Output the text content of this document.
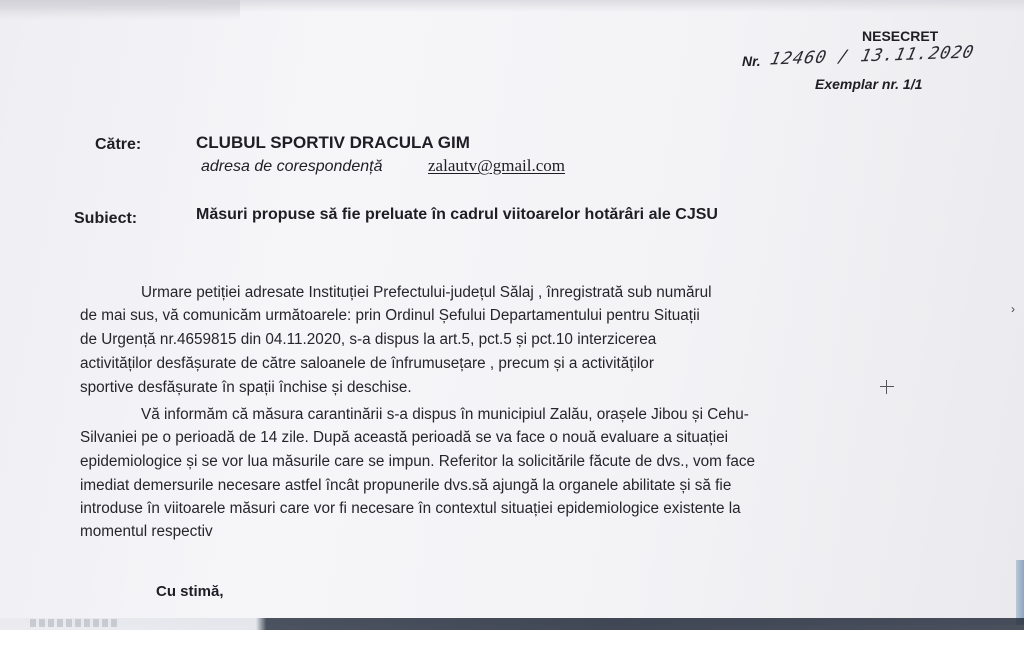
NESECRET
Nr. 12460 / 13.11.2020
Exemplar nr. 1/1
Către:	CLUBUL SPORTIV DRACULA GIM
adresa de corespondență	zalautv@gmail.com
Subiect:	Măsuri propuse să fie preluate în cadrul viitoarelor hotărâri ale CJSU
Urmare petiției adresate Instituției Prefectului-județul Sălaj , înregistrată sub numărul
de mai sus, vă comunicăm următoarele: prin Ordinul Șefului Departamentului pentru Situații
de Urgență nr.4659815 din 04.11.2020, s-a dispus la art.5, pct.5 și pct.10 interzicerea
activităților desfășurate de către saloanele de înfrumusețare , precum și a activităților
sportive desfășurate în spații închise și deschise.
Vă informăm că măsura carantinării s-a dispus în municipiul Zalău, orașele Jibou și Cehu-
Silvaniei pe o perioadă de 14 zile. După această perioadă se va face o nouă evaluare a situației
epidemiologice și se vor lua măsurile care se impun. Referitor la solicitările făcute de dvs., vom face
imediat demersurile necesare astfel încât propunerile dvs.să ajungă la organele abilitate și să fie
introduse în viitoarele măsuri care vor fi necesare în contextul situației epidemiologice existente la
momentul respectiv
Cu stimă,
›
